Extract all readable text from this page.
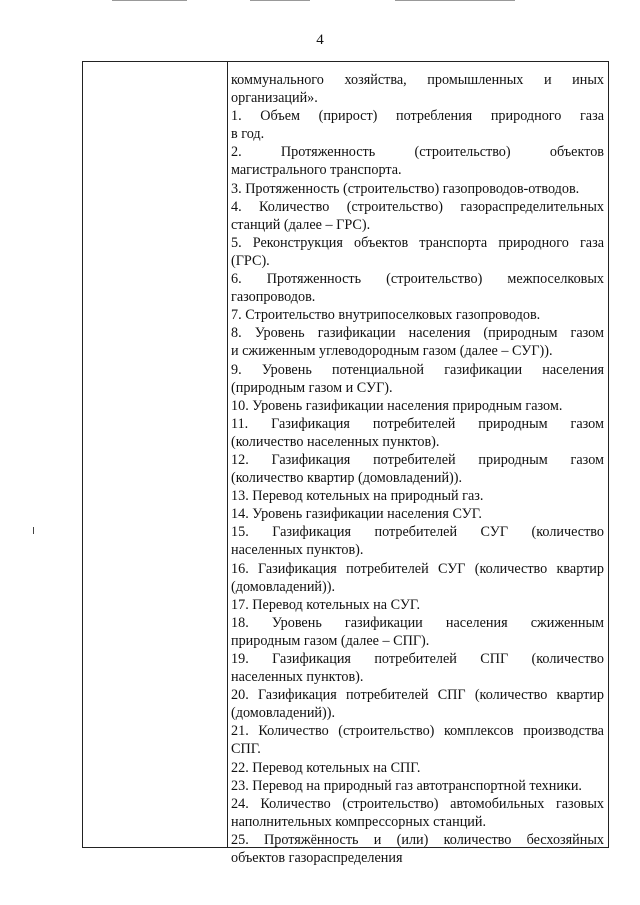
4
коммунального хозяйства, промышленных и иных
организаций».
1. Объем (прирост) потребления природного газа
в год.
2. Протяженность (строительство) объектов
магистрального транспорта.
3. Протяженность (строительство) газопроводов-отводов.
4. Количество (строительство) газораспределительных
станций (далее – ГРС).
5. Реконструкция объектов транспорта природного газа
(ГРС).
6. Протяженность (строительство) межпоселковых
газопроводов.
7. Строительство внутрипоселковых газопроводов.
8. Уровень газификации населения (природным газом
и сжиженным углеводородным газом (далее – СУГ)).
9. Уровень потенциальной газификации населения
(природным газом и СУГ).
10. Уровень газификации населения природным газом.
11. Газификация потребителей природным газом
(количество населенных пунктов).
12. Газификация потребителей природным газом
(количество квартир (домовладений)).
13. Перевод котельных на природный газ.
14. Уровень газификации населения СУГ.
15. Газификация потребителей СУГ (количество
населенных пунктов).
16. Газификация потребителей СУГ (количество квартир
(домовладений)).
17. Перевод котельных на СУГ.
18. Уровень газификации населения сжиженным
природным газом (далее – СПГ).
19. Газификация потребителей СПГ (количество
населенных пунктов).
20. Газификация потребителей СПГ (количество квартир
(домовладений)).
21. Количество (строительство) комплексов производства
СПГ.
22. Перевод котельных на СПГ.
23. Перевод на природный газ автотранспортной техники.
24. Количество (строительство) автомобильных газовых
наполнительных компрессорных станций.
25. Протяжённость и (или) количество бесхозяйных
объектов газораспределения
